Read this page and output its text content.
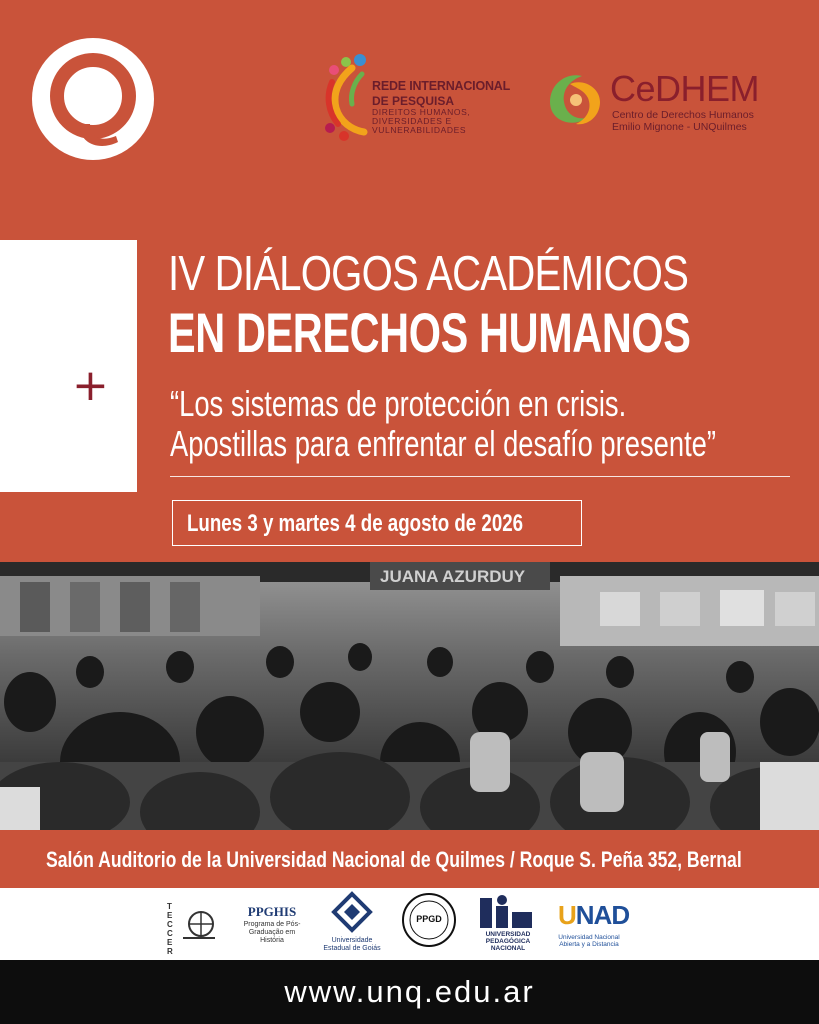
REDE INTERNACIONAL
DE PESQUISA
DIREITOS HUMANOS, DIVERSIDADES E VULNERABILIDADES
CeDHEM
Centro de Derechos Humanos
Emilio Mignone - UNQuilmes
+
IV DIÁLOGOS ACADÉMICOS
EN DERECHOS HUMANOS
“Los sistemas de protección en crisis.
Apostillas para enfrentar el desafío presente”
Lunes 3 y martes 4 de agosto de 2026
JUANA AZURDUY
Salón Auditorio de la Universidad Nacional de Quilmes / Roque S. Peña 352, Bernal
TECCER
PPGHIS
Programa de Pós-Graduação em História	Universidade Estadual de Goiás
PPGD
UNIVERSIDAD PEDAGÓGICA NACIONAL
UNAD
Universidad Nacional Abierta y a Distancia
www.unq.edu.ar
